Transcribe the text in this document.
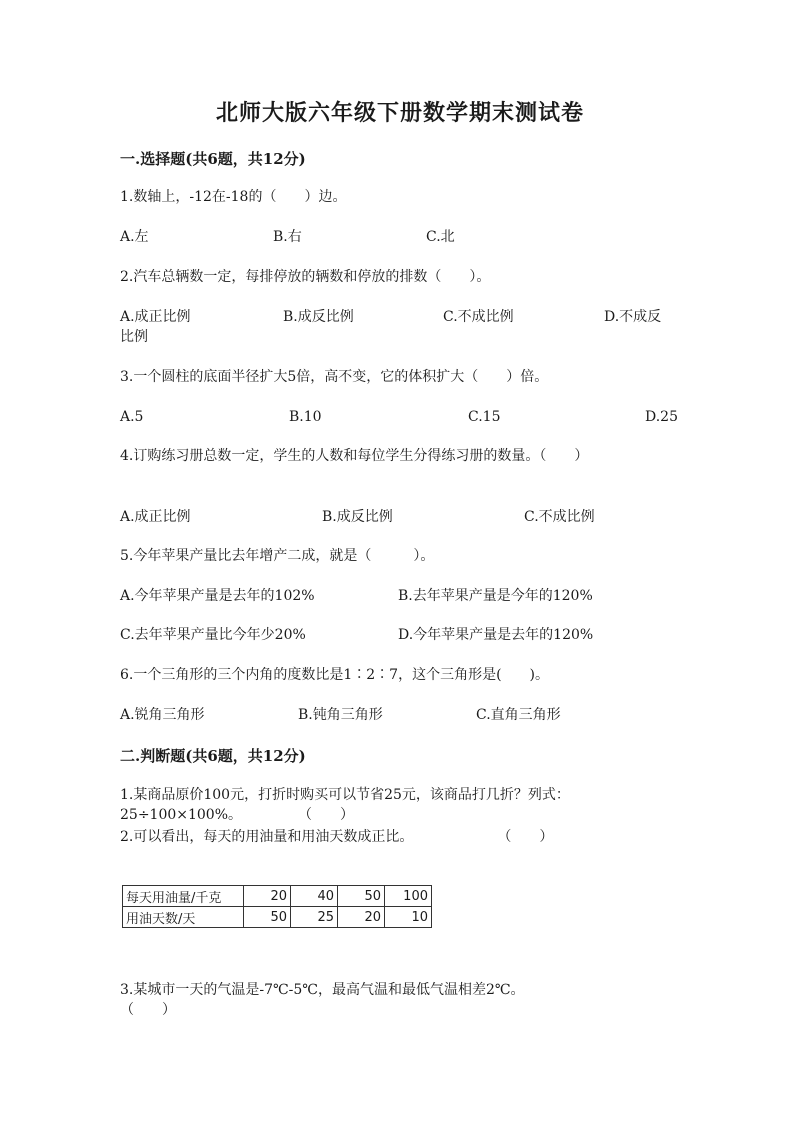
北师大版六年级下册数学期末测试卷
一.选择题(共6题，共12分)
1.数轴上，-12在-18的（　　）边。
A.左	B.右	C.北
2.汽车总辆数一定，每排停放的辆数和停放的排数（　　）。
A.成正比例	B.成反比例	C.不成比例	D.不成反
比例
3.一个圆柱的底面半径扩大5倍，高不变，它的体积扩大（　　）倍。
A.5	B.10	C.15	D.25
4.订购练习册总数一定，学生的人数和每位学生分得练习册的数量。（　　）
A.成正比例	B.成反比例	C.不成比例
5.今年苹果产量比去年增产二成，就是（　　　）。
A.今年苹果产量是去年的102%	B.去年苹果产量是今年的120%
C.去年苹果产量比今年少20%	D.今年苹果产量是去年的120%
6.一个三角形的三个内角的度数比是1∶2∶7，这个三角形是(　　)。
A.锐角三角形	B.钝角三角形	C.直角三角形
二.判断题(共6题，共12分)
1.某商品原价100元，打折时购买可以节省25元，该商品打几折？列式：
25÷100×100%。　　　　　（　　）
2.可以看出，每天的用油量和用油天数成正比。　　　　　　　（　　）
每天用油量/千克	20	40	50	100
用油天数/天	50	25	20	10
3.某城市一天的气温是-7℃-5℃，最高气温和最低气温相差2℃。
（　　）
